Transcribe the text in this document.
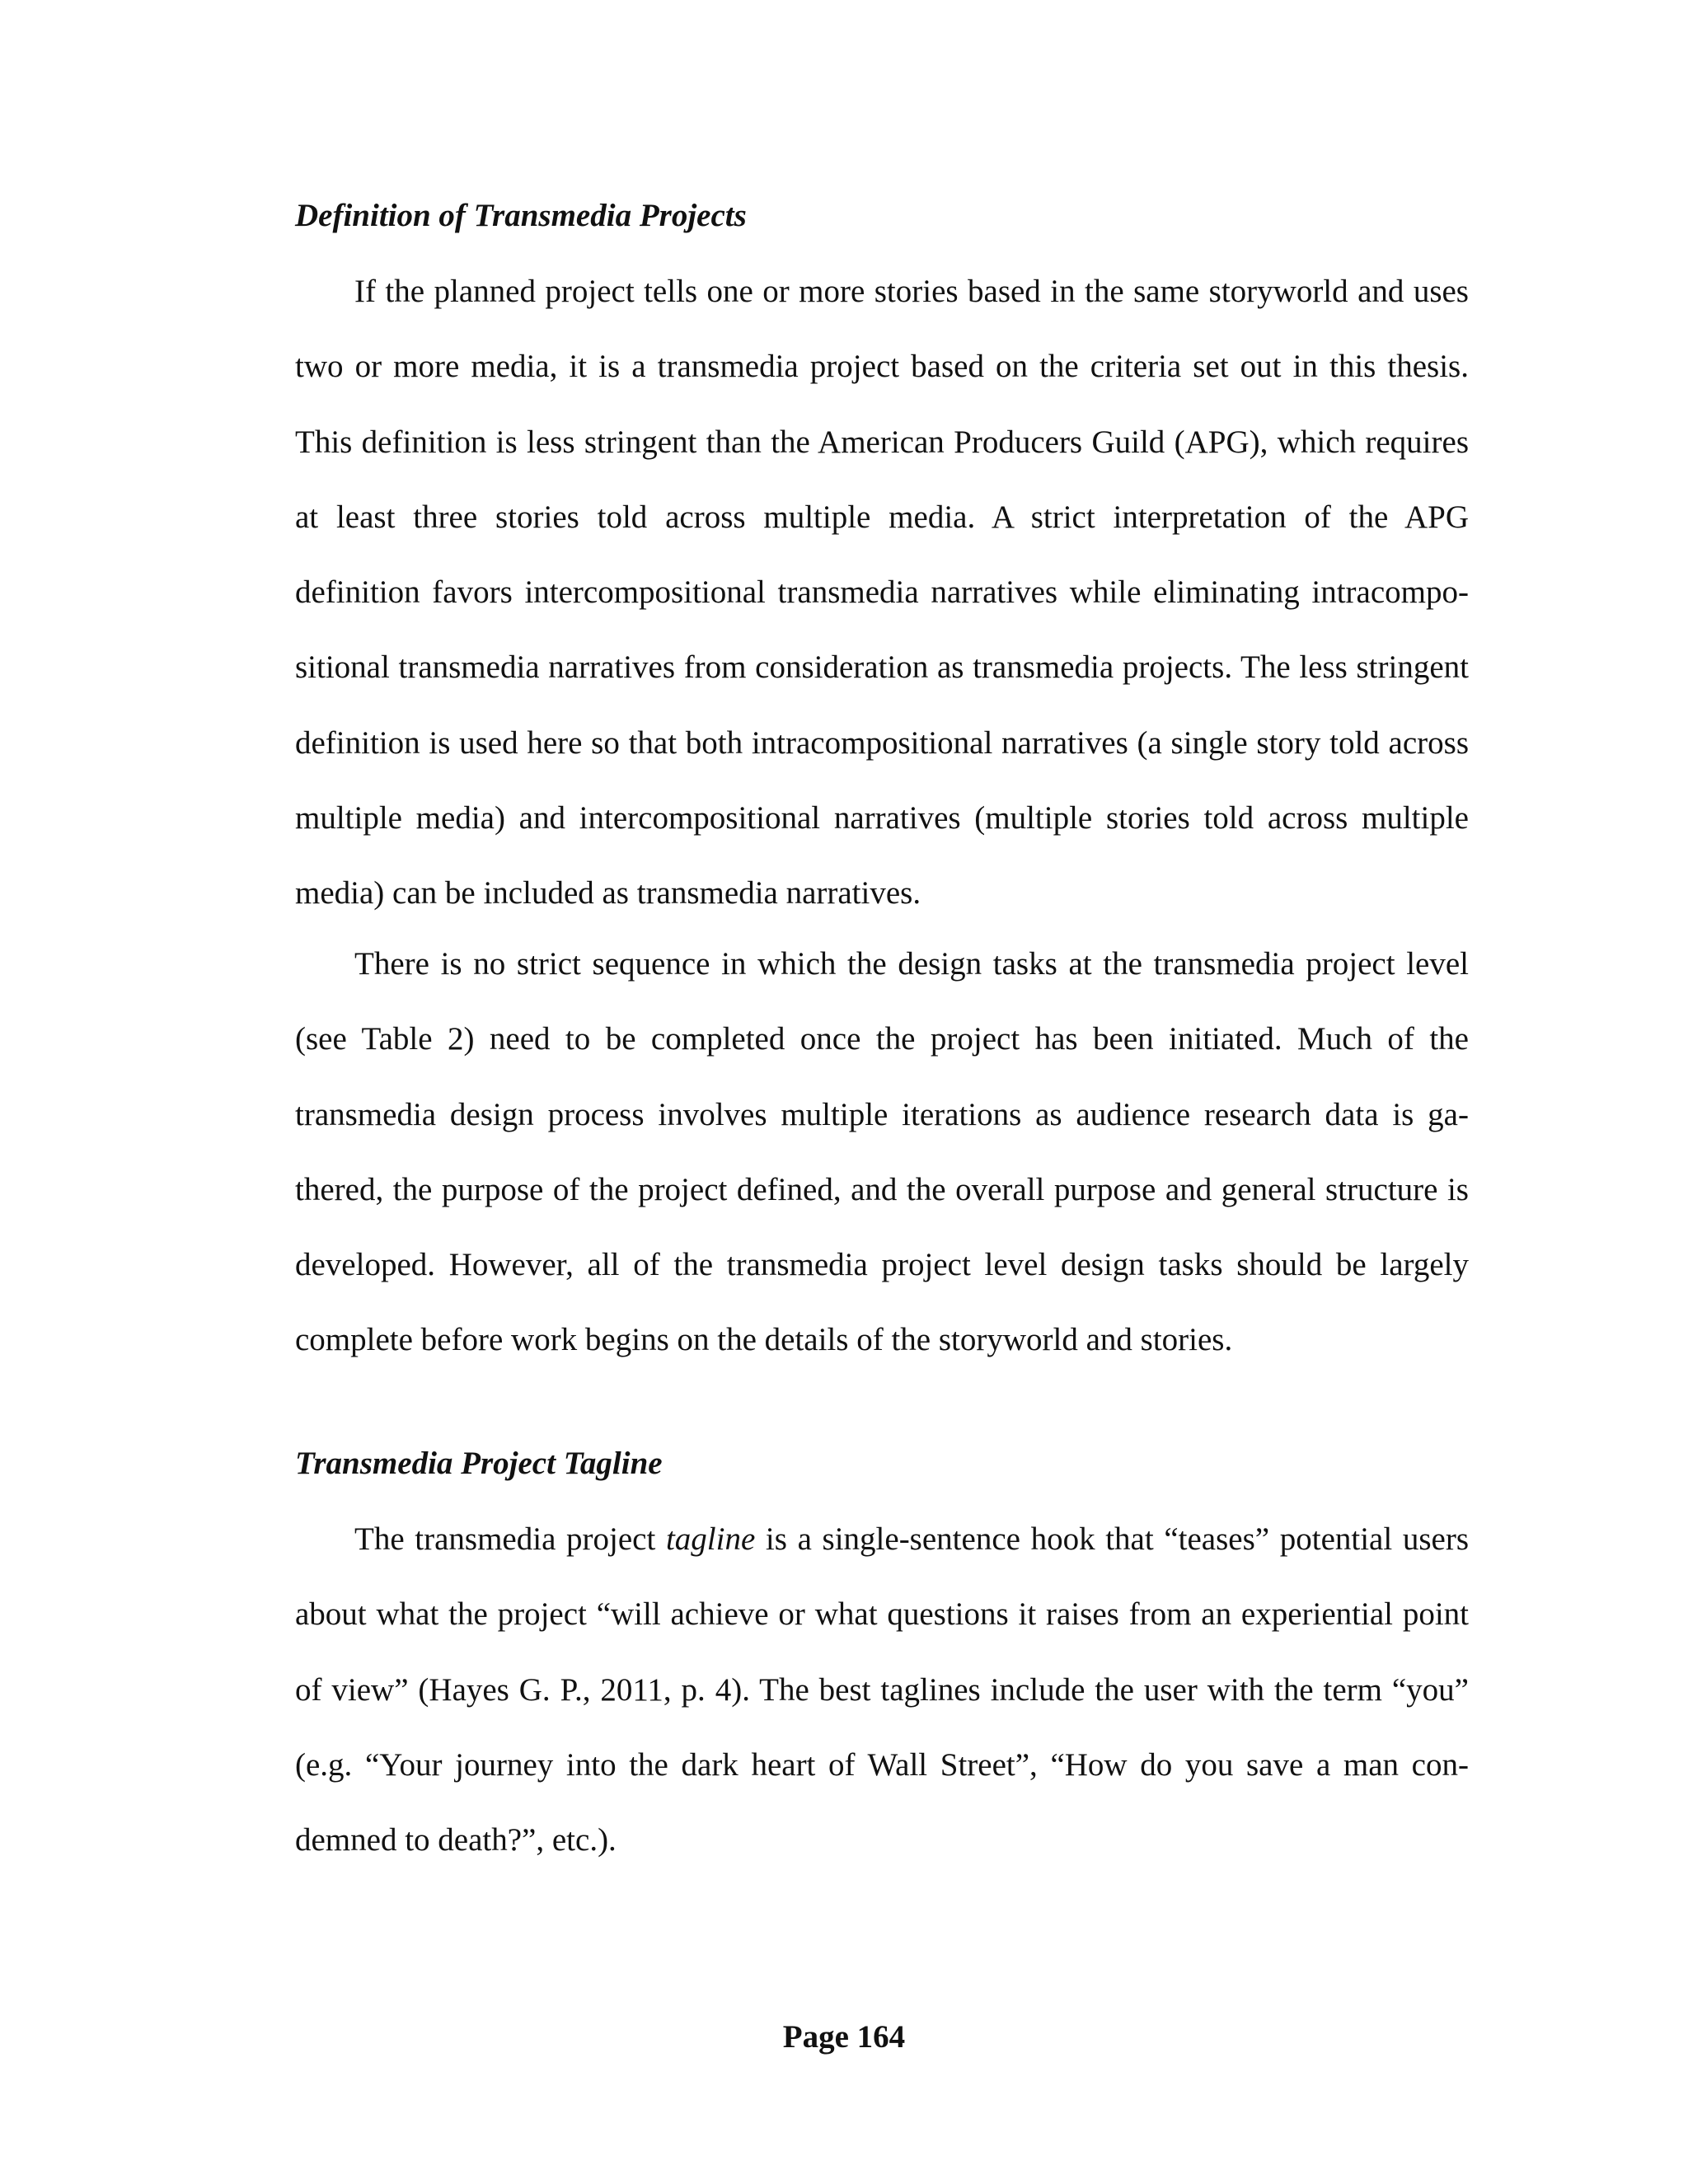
Definition of Transmedia Projects

If the planned project tells one or more stories based in the same storyworld and uses two or more media, it is a transmedia project based on the criteria set out in this thesis. This definition is less stringent than the American Producers Guild (APG), which requires at least three stories told across multiple media. A strict interpretation of the APG definition favors intercompositional transmedia narratives while eliminating intracompositional transmedia narratives from consideration as transmedia projects. The less stringent definition is used here so that both intracompositional narratives (a single story told across multiple media) and intercompositional narratives (multiple stories told across multiple media) can be included as transmedia narratives.

There is no strict sequence in which the design tasks at the transmedia project level (see Table 2) need to be completed once the project has been initiated. Much of the transmedia design process involves multiple iterations as audience research data is gathered, the purpose of the project defined, and the overall purpose and general structure is developed. However, all of the transmedia project level design tasks should be largely complete before work begins on the details of the storyworld and stories.

Transmedia Project Tagline

The transmedia project tagline is a single-sentence hook that “teases” potential users about what the project “will achieve or what questions it raises from an experiential point of view” (Hayes G. P., 2011, p. 4). The best taglines include the user with the term “you” (e.g. “Your journey into the dark heart of Wall Street”, “How do you save a man condemned to death?”, etc.).

Page 164
